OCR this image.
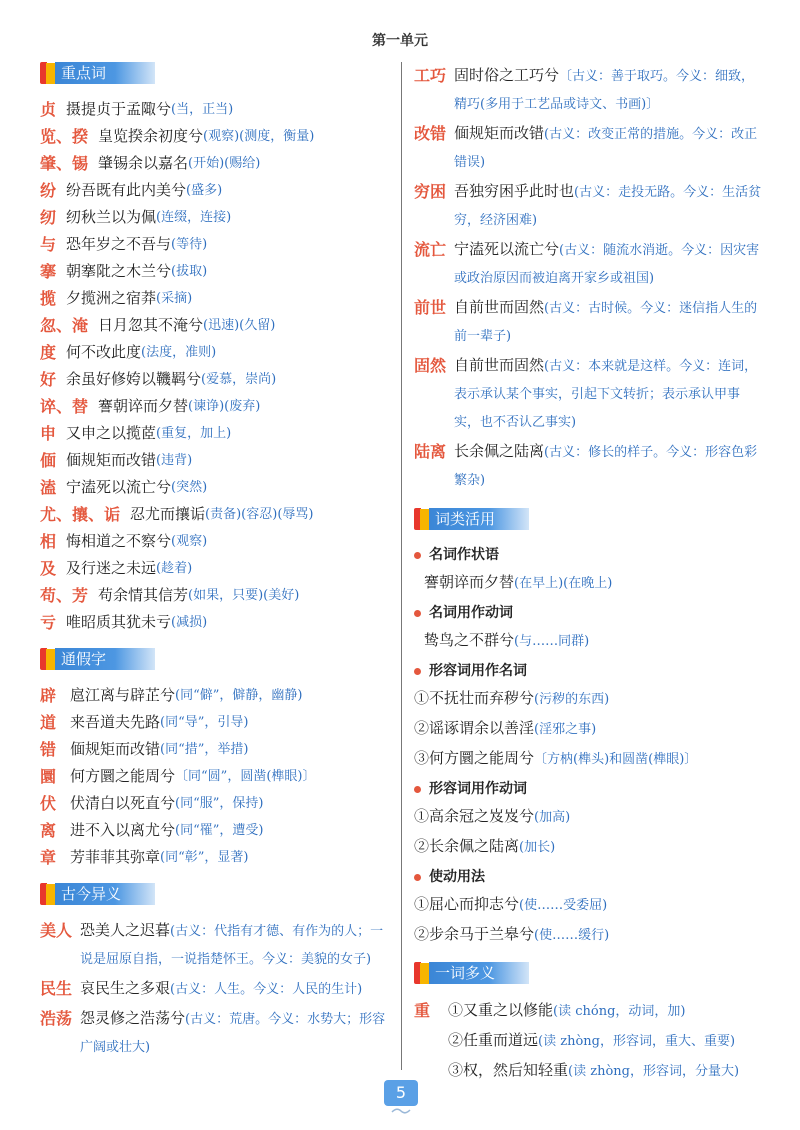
第一单元
重点词
贞 摄提贞于孟陬兮 (当，正当)
览、揆 皇览揆余初度兮 (观察)(测度，衡量)
肇、锡 肇锡余以嘉名 (开始)(赐给)
纷 纷吾既有此内美兮 (盛多)
纫 纫秋兰以为佩 (连缀，连接)
与 恐年岁之不吾与 (等待)
搴 朝搴阰之木兰兮 (拔取)
揽 夕揽洲之宿莽 (采摘)
忽、淹 日月忽其不淹兮 (迅速)(久留)
度 何不改此度 (法度，准则)
好 余虽好修姱以鞿羁兮 (爱慕，崇尚)
谇、替 謇朝谇而夕替 (谏诤)(废弃)
申 又申之以揽茝 (重复，加上)
偭 偭规矩而改错 (违背)
溘 宁溘死以流亡兮 (突然)
尤、攘、诟 忍尤而攘诟 (责备)(容忍)(辱骂)
相 悔相道之不察兮 (观察)
及 及行迷之未远 (趁着)
苟、芳 苟余情其信芳 (如果，只要)(美好)
亏 唯昭质其犹未亏 (减损)
通假字
辟 扈江离与辟芷兮 (同“僻”，僻静，幽静)
道 来吾道夫先路 (同“导”，引导)
错 偭规矩而改错 (同“措”，举措)
圜 何方圜之能周兮 〔同“圆”，圆凿(榫眼)〕
伏 伏清白以死直兮 (同“服”，保持)
离 进不入以离尤兮 (同“罹”，遭受)
章 芳菲菲其弥章 (同“彰”，显著)
古今异义
美人 恐美人之迟暮(古义：代指有才德、有作为的人；一说是屈原自指，一说指楚怀王。今义：美貌的女子)
民生 哀民生之多艰(古义：人生。今义：人民的生计)
浩荡 怨灵修之浩荡兮(古义：荒唐。今义：水势大；形容广阔或壮大)
工巧 固时俗之工巧兮〔古义：善于取巧。今义：细致，精巧(多用于工艺品或诗文、书画)〕
改错 偭规矩而改错(古义：改变正常的措施。今义：改正错误)
穷困 吾独穷困乎此时也(古义：走投无路。今义：生活贫穷，经济困难)
流亡 宁溘死以流亡兮(古义：随流水消逝。今义：因灾害或政治原因而被迫离开家乡或祖国)
前世 自前世而固然(古义：古时候。今义：迷信指人生的前一辈子)
固然 自前世而固然(古义：本来就是这样。今义：连词，表示承认某个事实，引起下文转折；表示承认甲事实，也不否认乙事实)
陆离 长余佩之陆离(古义：修长的样子。今义：形容色彩繁杂)
词类活用
名词作状语
謇朝谇而夕替(在早上)(在晚上)
名词用作动词
鸷鸟之不群兮(与……同群)
形容词用作名词
①不抚壮而弃秽兮(污秽的东西)
②谣诼谓余以善淫(淫邪之事)
③何方圜之能周兮〔方枘(榫头)和圆凿(榫眼)〕
形容词用作动词
①高余冠之岌岌兮(加高)
②长余佩之陆离(加长)
使动用法
①屈心而抑志兮(使……受委屈)
②步余马于兰皋兮(使……缓行)
一词多义
重	①又重之以修能(读 chóng，动词，加)
②任重而道远(读 zhòng，形容词，重大、重要)
③权，然后知轻重(读 zhòng，形容词，分量大)
5
